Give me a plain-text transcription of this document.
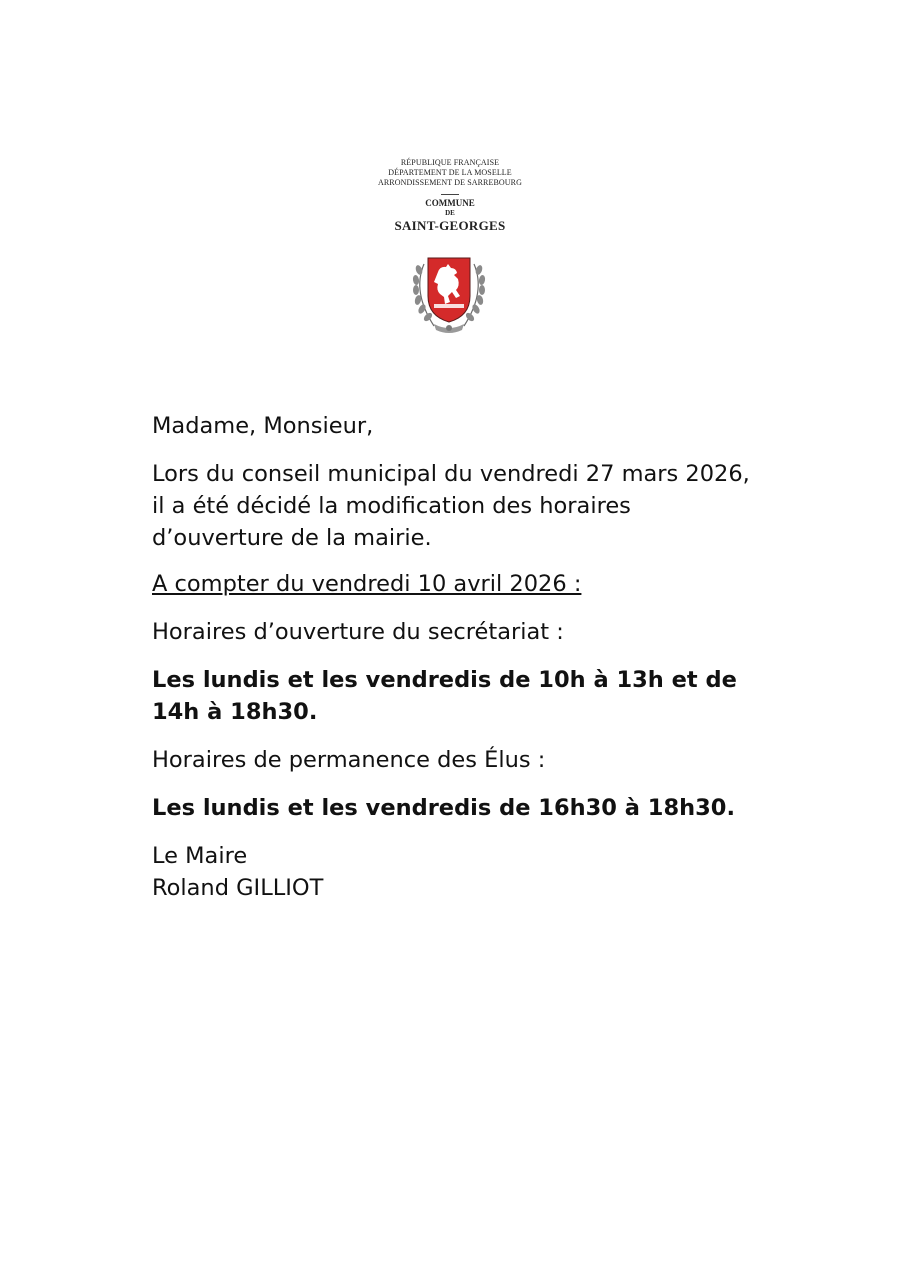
RÉPUBLIQUE FRANÇAISE
DÉPARTEMENT DE LA MOSELLE
ARRONDISSEMENT DE SARREBOURG
COMMUNE
DE
SAINT-GEORGES

Madame, Monsieur,

Lors du conseil municipal du vendredi 27 mars 2026,
il a été décidé la modification des horaires
d’ouverture de la mairie.

A compter du vendredi 10 avril 2026 :

Horaires d’ouverture du secrétariat :

Les lundis et les vendredis de 10h à 13h et de 14h à 18h30.

Horaires de permanence des Élus :

Les lundis et les vendredis de 16h30 à 18h30.

Le Maire
Roland GILLIOT
